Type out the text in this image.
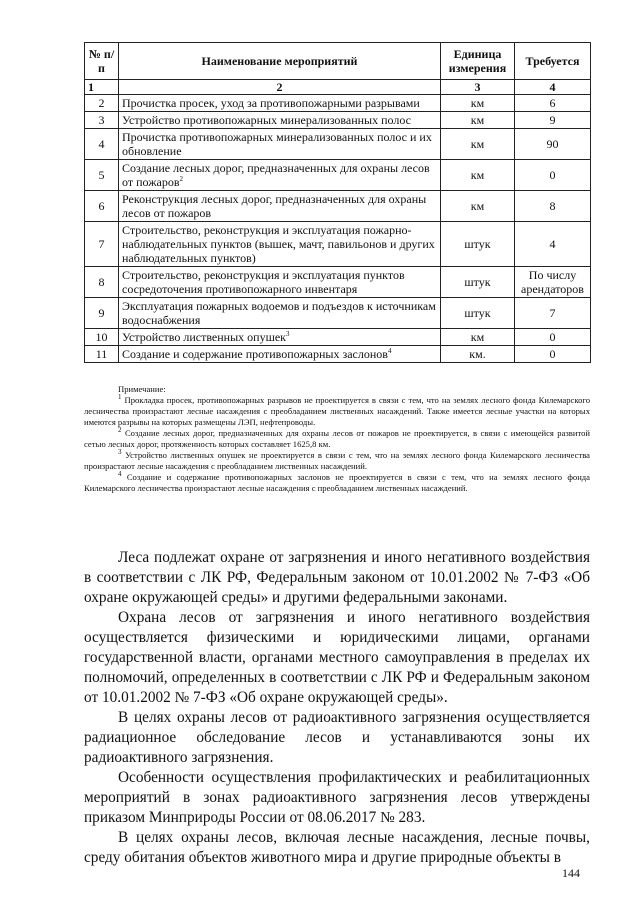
№ п/п	Наименование мероприятий	Единица измерения	Требуется
1	2	3	4
2	Прочистка просек, уход за противопожарными разрывами	км	6
3	Устройство противопожарных минерализованных полос	км	9
4	Прочистка противопожарных минерализованных полос и их обновление	км	90
5	Создание лесных дорог, предназначенных для охраны лесов от пожаров$^2$	км	0
6	Реконструкция лесных дорог, предназначенных для охраны лесов от пожаров	км	8
7	Строительство, реконструкция и эксплуатация пожарно-наблюдательных пунктов (вышек, мачт, павильонов и других наблюдательных пунктов)	штук	4
8	Строительство, реконструкция и эксплуатация пунктов сосредоточения противопожарного инвентаря	штук	По числу арендаторов
9	Эксплуатация пожарных водоемов и подъездов к источникам водоснабжения	штук	7
10	Устройство лиственных опушек$^3$	км	0
11	Создание и содержание противопожарных заслонов$^4$	км.	0

Примечание:

$^1$ Прокладка просек, противопожарных разрывов не проектируется в связи с тем, что на землях лесного фонда Килемарского лесничества произрастают лесные насаждения с преобладанием лиственных насаждений. Также имеется лесные участки на которых имеются разрывы на которых размещены ЛЭП, нефтепроводы.

$^2$ Создание лесных дорог, предназначенных для охраны лесов от пожаров не проектируется, в связи с имеющейся развитой сетью лесных дорог, протяженность которых составляет 1625,8 км.

$^3$ Устройство лиственных опушек не проектируется в связи с тем, что на землях лесного фонда Килемарского лесничества произрастают лесные насаждения с преобладанием лиственных насаждений.

$^4$ Создание и содержание противопожарных заслонов не проектируется в связи с тем, что на землях лесного фонда Килемарского лесничества произрастают лесные насаждения с преобладанием лиственных насаждений.

Леса подлежат охране от загрязнения и иного негативного воздействия в соответствии с ЛК РФ, Федеральным законом от 10.01.2002 № 7-ФЗ «Об охране окружающей среды» и другими федеральными законами.

Охрана лесов от загрязнения и иного негативного воздействия осуществляется физическими и юридическими лицами, органами государственной власти, органами местного самоуправления в пределах их полномочий, определенных в соответствии с ЛК РФ и Федеральным законом от 10.01.2002 № 7-ФЗ «Об охране окружающей среды».

В целях охраны лесов от радиоактивного загрязнения осуществляется радиационное обследование лесов и устанавливаются зоны их радиоактивного загрязнения.

Особенности осуществления профилактических и реабилитационных мероприятий в зонах радиоактивного загрязнения лесов утверждены приказом Минприроды России от 08.06.2017 № 283.

В целях охраны лесов, включая лесные насаждения, лесные почвы, среду обитания объектов животного мира и другие природные объекты в

144
